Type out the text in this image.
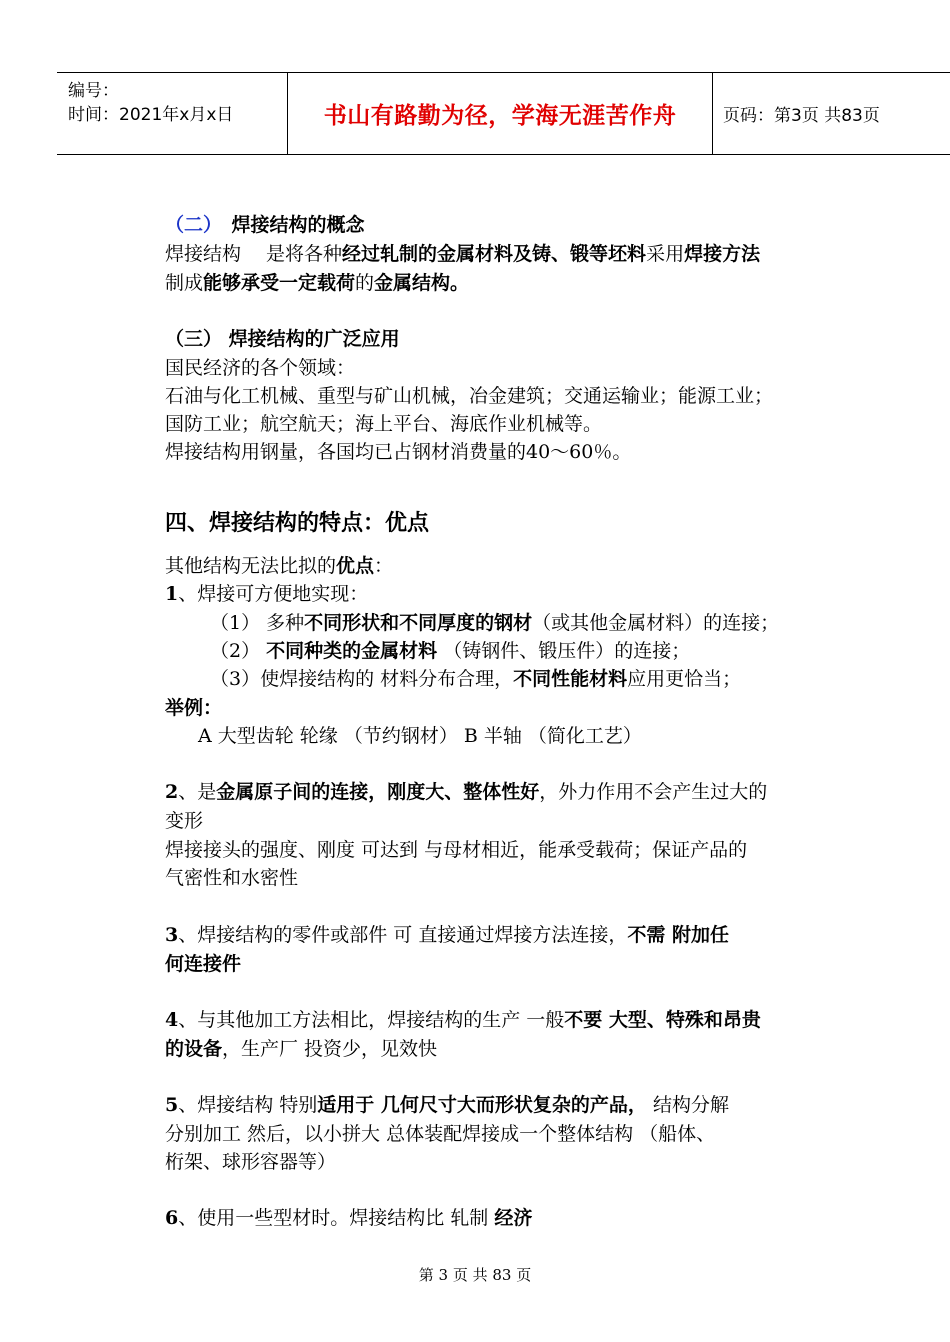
编号：
时间：2021年x月x日	书山有路勤为径，学海无涯苦作舟	页码：第3页 共83页
（二）　 焊接结构的概念
焊接结构　 是将各种经过轧制的金属材料及铸、锻等坯料采用焊接方法
制成能够承受一定载荷的金属结构。
（三） 焊接结构的广泛应用
国民经济的各个领域：
石油与化工机械、重型与矿山机械，冶金建筑；交通运输业；能源工业；
国防工业；航空航天；海上平台、海底作业机械等。
焊接结构用钢量，各国均已占钢材消费量的40～60％。
四、焊接结构的特点：优点
其他结构无法比拟的优点：
1、焊接可方便地实现：
（1） 多种不同形状和不同厚度的钢材（或其他金属材料）的连接；
（2） 不同种类的金属材料 （铸钢件、锻压件）的连接；
（3）使焊接结构的 材料分布合理，不同性能材料应用更恰当；
举例：
A 大型齿轮 轮缘 （节约钢材） B 半轴 （简化工艺）
2、是金属原子间的连接，刚度大、整体性好，外力作用不会产生过大的
变形
焊接接头的强度、刚度 可达到 与母材相近，能承受载荷；保证产品的
气密性和水密性
3、焊接结构的零件或部件 可 直接通过焊接方法连接，不需 附加任
何连接件
4、与其他加工方法相比，焊接结构的生产 一般不要 大型、特殊和昂贵
的设备，生产厂 投资少，见效快
5、焊接结构 特别适用于 几何尺寸大而形状复杂的产品， 结构分解
分别加工 然后，以小拼大 总体装配焊接成一个整体结构 （船体、
桁架、球形容器等）
6、使用一些型材时。焊接结构比 轧制 经济
第 3 页 共 83 页
